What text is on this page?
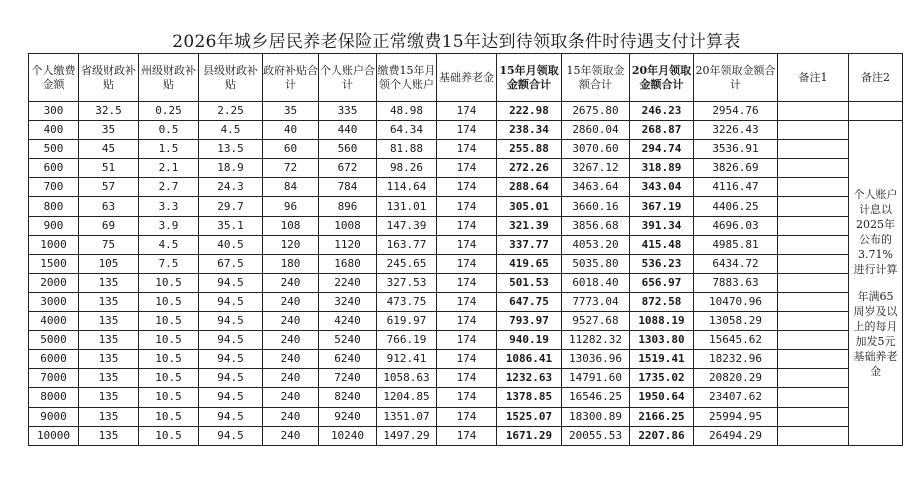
2026年城乡居民养老保险正常缴费15年达到待领取条件时待遇支付计算表
个人缴费金额	省级财政补贴	州级财政补贴	县级财政补贴	政府补贴合计	个人账户合计	缴费15年月领个人账户	基础养老金	15年月领取金额合计	15年领取金额合计	20年月领取金额合计	20年领取金额合计	备注1	备注2
300	32.5	0.25	2.25	35	335	48.98	174	222.98	2675.80	246.23	2954.76		
400	35	0.5	4.5	40	440	64.34	174	238.34	2860.04	268.87	3226.43		个人账户计息以2025年公布的3.71%进行计算
年满65周岁及以上的每月加发5元基础养老金

500	45	1.5	13.5	60	560	81.88	174	255.88	3070.60	294.74	3536.91		
600	51	2.1	18.9	72	672	98.26	174	272.26	3267.12	318.89	3826.69		
700	57	2.7	24.3	84	784	114.64	174	288.64	3463.64	343.04	4116.47		
800	63	3.3	29.7	96	896	131.01	174	305.01	3660.16	367.19	4406.25		
900	69	3.9	35.1	108	1008	147.39	174	321.39	3856.68	391.34	4696.03		
1000	75	4.5	40.5	120	1120	163.77	174	337.77	4053.20	415.48	4985.81		
1500	105	7.5	67.5	180	1680	245.65	174	419.65	5035.80	536.23	6434.72		
2000	135	10.5	94.5	240	2240	327.53	174	501.53	6018.40	656.97	7883.63		
3000	135	10.5	94.5	240	3240	473.75	174	647.75	7773.04	872.58	10470.96		
4000	135	10.5	94.5	240	4240	619.97	174	793.97	9527.68	1088.19	13058.29		
5000	135	10.5	94.5	240	5240	766.19	174	940.19	11282.32	1303.80	15645.62		
6000	135	10.5	94.5	240	6240	912.41	174	1086.41	13036.96	1519.41	18232.96		
7000	135	10.5	94.5	240	7240	1058.63	174	1232.63	14791.60	1735.02	20820.29		
8000	135	10.5	94.5	240	8240	1204.85	174	1378.85	16546.25	1950.64	23407.62		
9000	135	10.5	94.5	240	9240	1351.07	174	1525.07	18300.89	2166.25	25994.95		
10000	135	10.5	94.5	240	10240	1497.29	174	1671.29	20055.53	2207.86	26494.29		
